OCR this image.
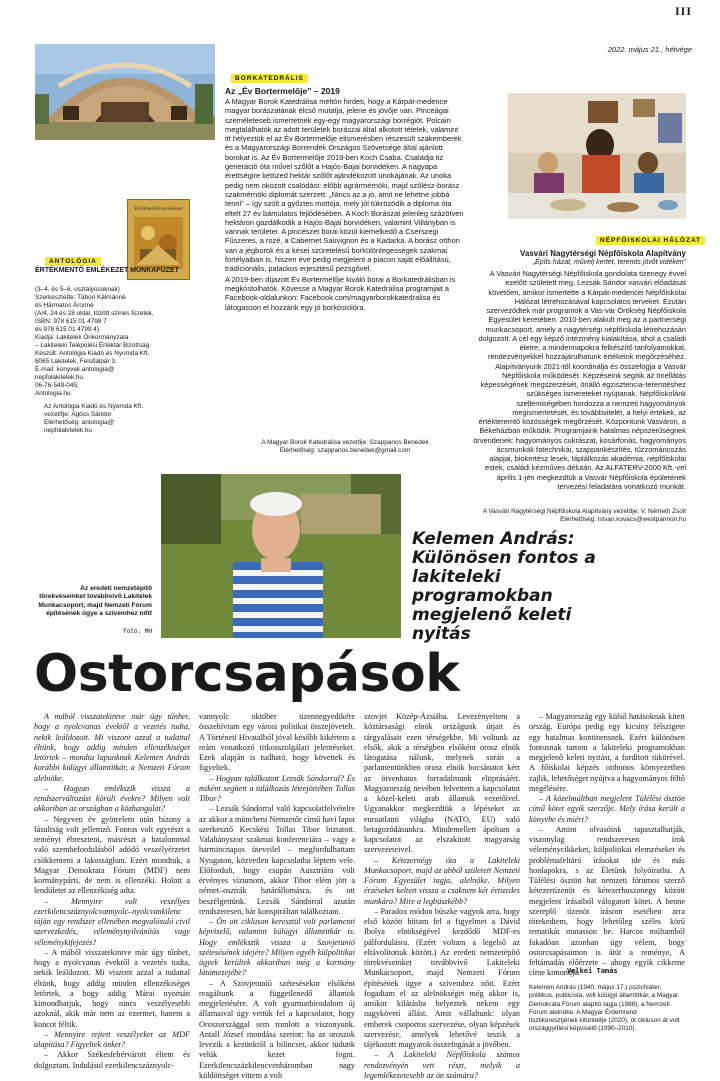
III
2022. május 21., hétvége
Értékmentő emlékezet
ANTOLÓGIA
ÉRTÉKMENTŐ EMLÉKEZET MUNKAFÜZET
(3–4. és 5–6. osztályosoknak)
Szerkesztette: Tábori Kálmánné
és Harmatos Áronné
(A/4, 24 és 28 oldal, tűzött színes füzetek,
ISBN: 978 615 01 4798 7
és 978 615 01 4799 4)
Kiadja: Lakitelek Önkormányzata
– Lakiteleki Települési Értéktár Bizottság
Készült: Antológia Kiadó és Nyomda Kft.
6065 Lakitelek, Felsőalpár 3.
E-mail: konyvek.antologia@
nepfolakitelek.hu
06-76-549-045;
Antologia.hu
Az Antológia Kiadó és Nyomda Kft.
vezetője: Ágócs Sándor
Elérhetőség: antologia@
nepfolakitelek.hu
BORKATEDRÁLIS
Az „Év Bortermelője” – 2019

A Magyar Borok Katedrálisa méltón hirdeti, hogy a Kárpát-medence magyar borászatának élcső mutatja, jelene és jövője van. Pinceágai személeteseb ismertetnek egy-egy magyarországi borrégiót. Polcain megtalálhatók az adott területek borászai által alkotott tételek, valamint itt helyeztük el az Év Bortermelője elismerésben részesült szakemberek és a Magyarországi Borrendek Országos Szövetsége által ajánlott borokat is. Az Év Bortermelője 2019-ben Koch Csaba. Családja tiz generáció óta művel szőlőt a Hajós-Bajai borvidéken. A nagyapa érettségire kéttized hektár szőlőt ajándékozott unokájának. Az unoka pedig nem okozott csalódást: előbb agrármérnöki, majd szőlész-borász szakmérnöki diplomát szerzett. „Nincs az a jó, amit ne lehetne jobbá tenni” – így szólt a győztes mottója, mely jól tükrözödik a diploma óta eltelt 27 év bámulatos fejlődésében. A Koch Borászat jelenleg százötven hektáron gazdálkodik a Hajós-Bajai borvidéken, valamint Villányban is vannak területei. A pincészet borai közül kiemelkedő a Cserszegi Fűszeres, a rozé, a Cabernet Sauvignon és a Kadarka. A borász otthon van a jégborok és a kései szüretelésű borkülönlegességek szakmai fortélyaiban is, hiszen éve pedig megjelent a piacon saját előállítású, tradicionális, palackos erjesztésű pezsgővel.

A 2019-ben díjazott Év Bortermelője kiváló borai a Borkatedrálisban is megkóstolhatók. Kövesse a Magyar Borok Katedrálisa programjait a Facebook-oldalunkon: Facebook.com/magyarborokkatedralisa és látogasson el hozzánk egy jó borkóstolóra.

A Magyar Borok Katedrálisa vezetője: Szappanos Benedek
Elérhetőség: szappanos.benedek@gmail.com
NÉPFŐISKOLAI HÁLÓZAT
Vasvári Nagytérségi Népfőiskola Alapítvány
„Építs házat, művelj kertet, teremts jövőt vidéken”

A Vasvári Nagytérségi Népfőiskola gondolata tizenegy évvel ezelőtt született meg, Lezsák Sándor vasvári előadását követően, amikor ismertette a Kárpát-medencei Népfőiskolai Hálózat létrehozásával kapcsolatos terveket. Ezután szerveződtek már programok a Vas-vár Örökség Népfőiskola Egyesület keretében. 2010-ben alakult meg az a partnerségi munkacsoport, amely a nagytérségi népfőiskola létrehozásán dolgozott. A cél egy képző intézmény kialakítása, ahol a családi életre, a mindennapokra felkészítő tanfolyamokkal, rendezvényekkel hozzájárulhatunk értékeink megőrzéséhez. Alapítványunk 2021-től koordinálja és összefogja a Vasvár Népfőiskola működését. Képzéseink segítik az önellátás képességének megszerzését, önálló egzisztencia-teremtéshez szükséges ismereteket nyújtanak. Népfőiskolánk szellemiségében hordozza a nemzeti hagyományok megismertetését, és továbbvitelét, a helyi értékek, az értékteremtő közösségek megőrzését. Központunk Vasváron, a Békeházban működik. Programjaink hatalmas népszerűségnek örvendenek: hagyományos cukrászat, kosárfonás, hagyományos ácsmunkák fatechnikái, szappankészítés, tűzzománcozás alapjai, biokertész lesek, táplálkozás akadémia, népfőiskolai estek, családi kézműves délután. Az ALFATERV-2000 Kft.-vel április 1-jén megkezdtük a Vasvár Népfőiskola épületének tervezési feladatára vonatkozó munkát.

A Vasvári Nagytérségi Népfőiskola Alapítvány vezetője: V. Németh Zsolt
Elérhetőség: istvan.kovacs@westpannon.hu
Az eredeti nemzetépítő törekvéseinket továbbvivő Lakitelek Munkacsoport, majd Nemzeti Fórum építésének ügye a szívemhez nőtt
Fotó: MH
Kelemen András: Különösen fontos a lakiteleki programokban megjelenő keleti nyitás
Ostorcsapások

A mából visszatekintve már úgy tűnhet, hogy a nyolcvanas évektől a vezetés tudta, nekik leáldozott. Mi viszont azzal a tudattal éltünk, hogy addig minden ellenzékiséget letörtek – mondta lapunknak Kelemen András korábbi külügyi államtitkár, a Nemzeti Fórum alelnöke.

– Hogyan emlékszik vissza a rendszerváltozást körüli évekre? Milyen volt akkoriban az országban a közhangulat?

– Negyven év gyötrelem után bizony a fásultság volt jellemző. Fontos volt egyrészt a reményt ébreszteni, másrészt a hatalommal való szembefordulásból adódó veszélyérzetet csökkenteni a lakosságban. Ezért mondtuk, a Magyar Demokrata Fórum (MDF) nem kormánypárti, de nem is ellenzéki. Holott a lendületet az ellenzékiség adta.

– Mennyire volt veszélyes ezerkilencszáznyolcvannyolc–nyolcvankilenc táján egy rendszer ellenében megvalósuló civil szervezkedés, véleménynyilvánítás vagy véleménykifejezés?

– A máből visszatekintve már úgy tűnhet, hogy a nyolcvanas évektől a vezetés tudta, nekik leáldozott. Mi viszont azzal a tudattal éltünk, hogy addig minden ellenzékiséget letörtek, a hogy addig Márai nyomán kimondhatjuk, hogy nincs veszélyesebb azoknál, akik már nem az ezermet, hanem a koncot féltik.

– Mennyire rejtett veszélyeket az MDF alapítása? Figyeltek önket?

– Akkor Székesfehérvárott éltem és dolgoztam. Indulásul ezerkilencszáznyolc-

vannyolc október tizennegyedikére összehívtam egy városi politikai összejövetelt. A Történeti Hivatalból jóval később kikértem a reám vonatkozó titkosszolgálati jelentéseket. Ezek alapján is tudható, hogy követtek és figyeltek.

– Hogyan találkozott Lezsák Sándorral? És miként segített a találkozás létrejöttében Tollas Tibor?

– Lezsák Sándorral való kapcsolatfelvételre az akkor a müncheni Nemzetőr című havi lapot szerkesztő Kecskési Tollas Tibor biztatott. Valahányszor szakmai konferenciára – vagy a harmincnapos üteveilel – megfordulhattam Nyugaton, közvetlen kapcsolatba léptem vele. Előfordult, hogy csupán Ausztriára volt érvényes vízumom, akkor Tibor elém jött a német–osztrák határállomásra, és ott beszélgettünk. Lezsák Sándorral azután rendszeresen, bár konspiráltan találkoztam.

– Ön ott cikluson keresztül volt parlamenti képviselő, valamint külügyi államtitkár is. Hogy emlékszik vissza a Szovjetunió szétesésének idejére? Milyen egyéb külpolitikai ügyek kerültek akkoriban még a kormány látómezejébe?

– A Szovjetunió szétesésekor elsőként reagáltunk a függetlenedő államok megjelenésére. A volt gyarmatbirodalom új államaival úgy vettük fel a kapcsolatot, hogy Oroszországgal sem romlott a viszonyunk. Antall József mondása szerint: ha az oroszok levezik a kezünkről a bilincset, akkor tudunk velük kezet fogni. Ezerkilencszázkilencvenháromban nagy küldöttséget vittem a volt

szovjet Közép-Ázsiába. Levezényeltem a köztársasági elnök országunk útjait és tárgyalásait ezen térségekbe. Mi voltunk az elsők, akik a térségben elsőként orosz elnök látogatása nálunk, melynek során a parlamentünkben orosz elnök bocsánatot kért az ötvenhatos forradalmunk eltiprásáért. Magyarország nevében felvettem a kapcsolatot a közel-keleti arab államok vezetőivel. Ugyanakkor megkezdtük a lépéseket az euroatlanti világba (NATO, EU) való betagozódásunkra. Mindemellett ápoltam a kapcsolatot az elszakított magyarság szervezeteivel.

– Kétezernégy óta a Lakiteleki Munkacsoport, majd az abból született Nemzeti Fórum Egyesület tagja, alelnöke. Milyen érzéseket keltett vissza a csaknem két évtizedes munkára? Mire a legbüszkébb?

– Paradox módon büszke vagyok arra, hogy első között híttam fel a figyelmet a Dávid Ibolya elnökségével kezdődő MDF-es pálfordulásra. (Ezért voltam a legelső az eltávolítottak között.) Az eredeti nemzetépítő törekvéseinket továbbvivő Lakiteleki Munkacsoport, majd Nemzeti Fórum építésének ügye a szívemhez nőtt. Ezért fogadtam el az alelnökséget még akkor is, amikor kilátásba helyeztek nekem egy nagykövetí állást. Amit vállaltunk: olyan emberek csoportos szervezése, olyan képzések szervezése, amelyek lehetővé teszik a tájékozott magyarok összefogását a jövőben.

– A Lakiteleki Népfőiskola számos rendezvényén vett részt, melyik a legemlékezetesebb az ön számára?

– Magyarország egy külső hatásoknak kitett ország. Európa pedig egy kicsiny félszigete egy hatalmas kontinensnek. Ezért különösen fontosnak tartom a lakiteleki programokban megjelenő keleti nyitást, a fordított tükörével. A főiskolai képzés otthonos környezetben zajlik, lehetőséget nyújtva a hagyományos féltő megélésére.

– A közelmúltban megjelent Tülélési ösztön című kötet egyik szerzője. Mely írása került a könyvbe és miért?

– Amint olvasóink tapasztalhatják, viszonylag rendszeresen írok véleménycikkeket, külpolitikai elemzéseket és problémafeltáró írásokat ide és más honlapokra, s az Életünk folyóiratba. A Tülélési ösztön hat nemzeti fórumos szerző kétezertízenöt és kétezerhuszonegy között megjelent írásaiból válogatott kötet. A benne szereplő tízenöt írásom esetében arra törekedtem, hogy lehetőleg széles körű tematikát mutasson be. Harcos múltamból fakadóan azonban úgy vélem, hogy ostorcsapásaimon is átüt a reménye, A feltámadás előérzete – ahogy egyik cikkeme címe kimondja.

Velkei Tamás
Kelemen András (1940. május 17.) pszichiáter, politikus, publicista, volt külügyi államtitkár, a Magyar Demokrata Fórum alapító tagja (1988), a Nemzeti Fórum alelnöke. A Magyar Érdemrend tisztikeresztjének kitüntettje (2020), öt cikluson át volt országgyűlési képviselő (1990–2010).
